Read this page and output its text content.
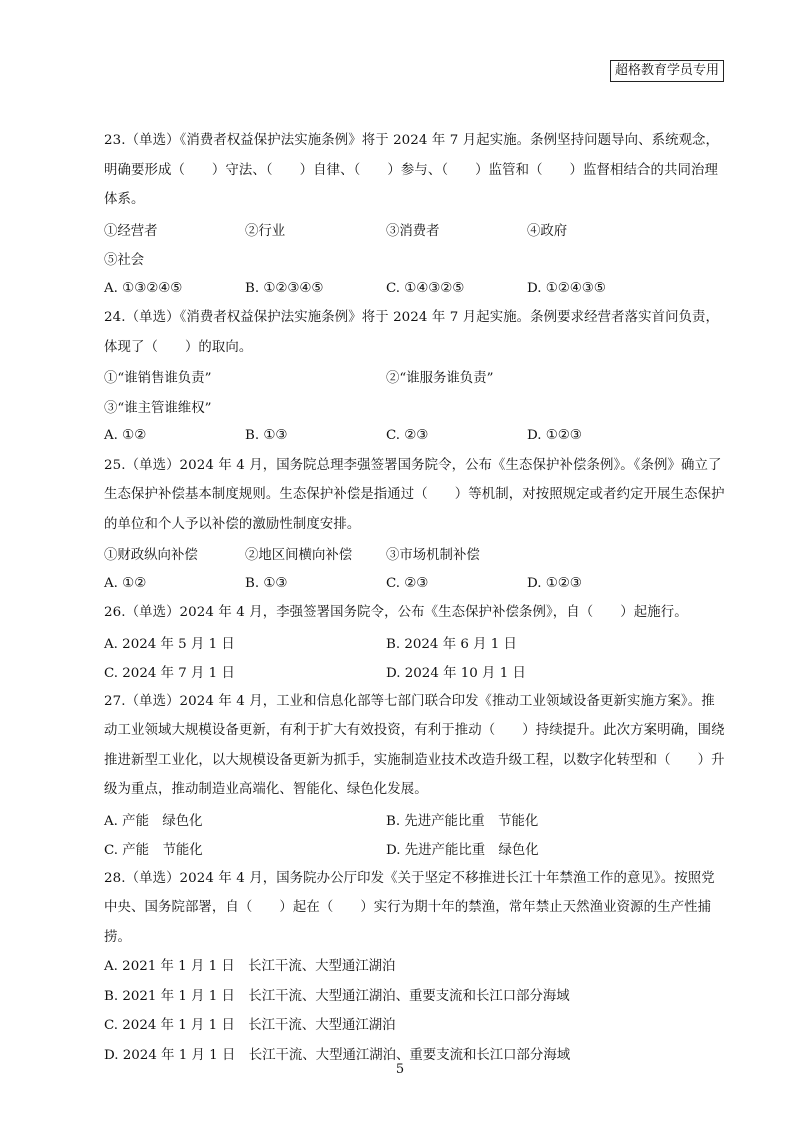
超格教育学员专用

23.（单选）《消费者权益保护法实施条例》将于 2024 年 7 月起实施。条例坚持问题导向、系统观念，明确要形成（　　）守法、（　　）自律、（　　）参与、（　　）监管和（　　）监督相结合的共同治理体系。

①经营者	②行业	③消费者	④政府
⑤社会
A. ①③②④⑤	B. ①②③④⑤	C. ①④③②⑤	D. ①②④③⑤

24.（单选）《消费者权益保护法实施条例》将于 2024 年 7 月起实施。条例要求经营者落实首问负责，体现了（　　）的取向。

①“谁销售谁负责”	②“谁服务谁负责”
③“谁主管谁维权”
A. ①②	B. ①③	C. ②③	D. ①②③

25.（单选）2024 年 4 月，国务院总理李强签署国务院令，公布《生态保护补偿条例》。《条例》确立了生态保护补偿基本制度规则。生态保护补偿是指通过（　　）等机制，对按照规定或者约定开展生态保护的单位和个人予以补偿的激励性制度安排。

①财政纵向补偿	②地区间横向补偿	③市场机制补偿
A. ①②	B. ①③	C. ②③	D. ①②③

26.（单选）2024 年 4 月，李强签署国务院令，公布《生态保护补偿条例》，自（　　）起施行。

A. 2024 年 5 月 1 日	B. 2024 年 6 月 1 日
C. 2024 年 7 月 1 日	D. 2024 年 10 月 1 日

27.（单选）2024 年 4 月，工业和信息化部等七部门联合印发《推动工业领域设备更新实施方案》。推动工业领域大规模设备更新，有利于扩大有效投资，有利于推动（　　）持续提升。此次方案明确，围绕推进新型工业化，以大规模设备更新为抓手，实施制造业技术改造升级工程，以数字化转型和（　　）升级为重点，推动制造业高端化、智能化、绿色化发展。

A. 产能　绿色化	B. 先进产能比重　节能化
C. 产能　节能化	D. 先进产能比重　绿色化

28.（单选）2024 年 4 月，国务院办公厅印发《关于坚定不移推进长江十年禁渔工作的意见》。按照党中央、国务院部署，自（　　）起在（　　）实行为期十年的禁渔，常年禁止天然渔业资源的生产性捕捞。

A. 2021 年 1 月 1 日　长江干流、大型通江湖泊
B. 2021 年 1 月 1 日　长江干流、大型通江湖泊、重要支流和长江口部分海域
C. 2024 年 1 月 1 日　长江干流、大型通江湖泊
D. 2024 年 1 月 1 日　长江干流、大型通江湖泊、重要支流和长江口部分海域
5
